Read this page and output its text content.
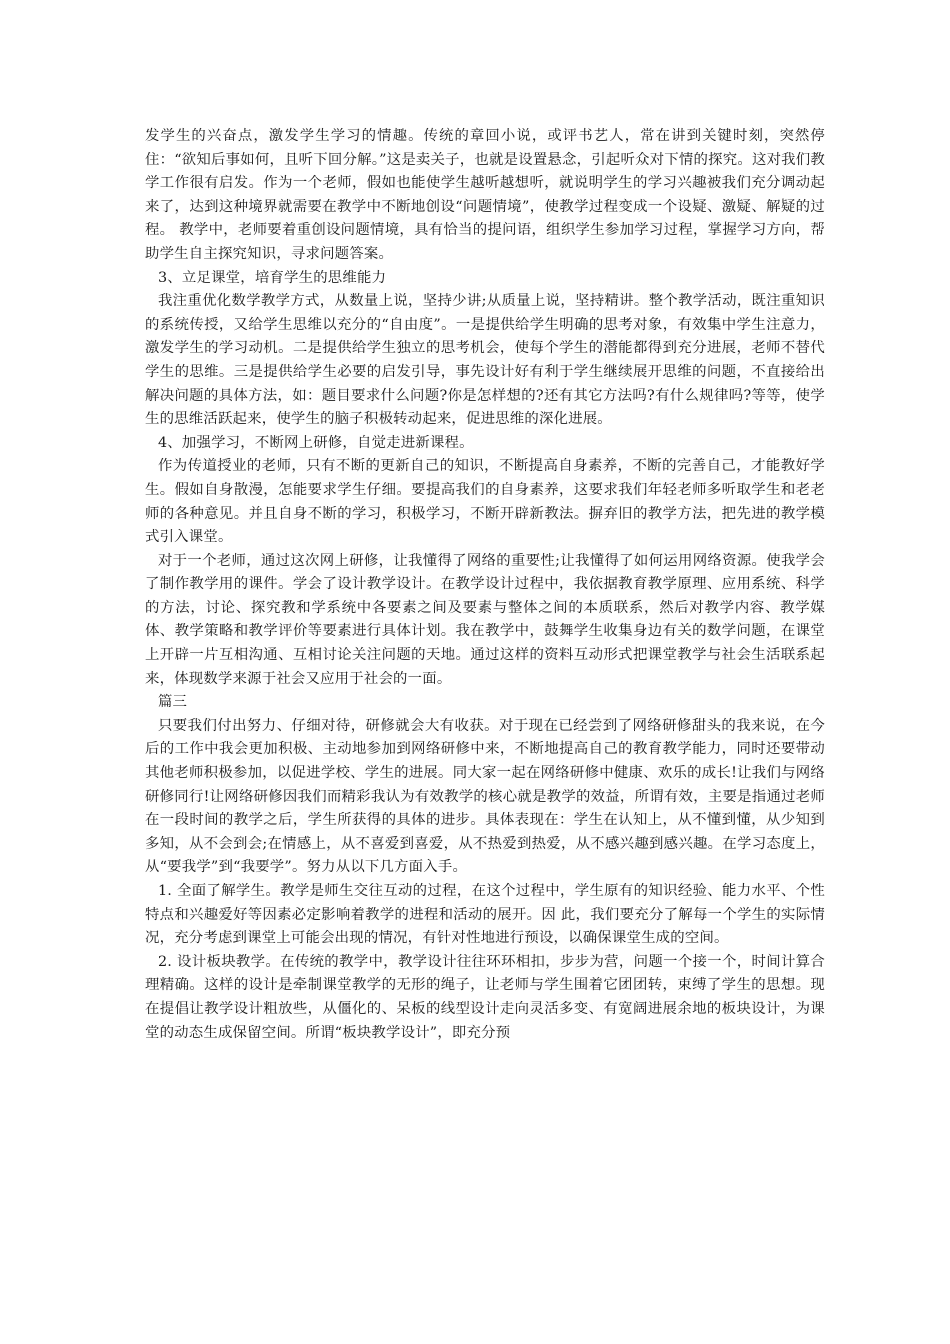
发学生的兴奋点，激发学生学习的情趣。传统的章回小说，或评书艺人，常在讲到关键时刻，突然停住：“欲知后事如何，且听下回分解。”这是卖关子，也就是设置悬念，引起听众对下情的探究。这对我们教学工作很有启发。作为一个老师，假如也能使学生越听越想听，就说明学生的学习兴趣被我们充分调动起来了，达到这种境界就需要在教学中不断地创设“问题情境”，使教学过程变成一个设疑、激疑、解疑的过程。 教学中，老师要着重创设问题情境，具有恰当的提问语，组织学生参加学习过程，掌握学习方向，帮助学生自主探究知识，寻求问题答案。

3、立足课堂，培育学生的思维能力

我注重优化数学教学方式，从数量上说，坚持少讲;从质量上说，坚持精讲。整个教学活动，既注重知识的系统传授，又给学生思维以充分的“自由度”。一是提供给学生明确的思考对象，有效集中学生注意力，激发学生的学习动机。二是提供给学生独立的思考机会，使每个学生的潜能都得到充分进展，老师不替代学生的思维。三是提供给学生必要的启发引导，事先设计好有利于学生继续展开思维的问题，不直接给出解决问题的具体方法，如：题目要求什么问题?你是怎样想的?还有其它方法吗?有什么规律吗?等等，使学生的思维活跃起来，使学生的脑子积极转动起来，促进思维的深化进展。

4、加强学习，不断网上研修，自觉走进新课程。

作为传道授业的老师，只有不断的更新自己的知识，不断提高自身素养，不断的完善自己，才能教好学生。假如自身散漫，怎能要求学生仔细。要提高我们的自身素养，这要求我们年轻老师多听取学生和老老师的各种意见。并且自身不断的学习，积极学习，不断开辟新教法。摒弃旧的教学方法，把先进的教学模式引入课堂。

对于一个老师，通过这次网上研修，让我懂得了网络的重要性;让我懂得了如何运用网络资源。使我学会了制作教学用的课件。学会了设计教学设计。在教学设计过程中，我依据教育教学原理、应用系统、科学的方法，讨论、探究教和学系统中各要素之间及要素与整体之间的本质联系，然后对教学内容、教学媒体、教学策略和教学评价等要素进行具体计划。我在教学中，鼓舞学生收集身边有关的数学问题，在课堂上开辟一片互相沟通、互相讨论关注问题的天地。通过这样的资料互动形式把课堂教学与社会生活联系起来，体现数学来源于社会又应用于社会的一面。

篇三

只要我们付出努力、仔细对待，研修就会大有收获。对于现在已经尝到了网络研修甜头的我来说，在今后的工作中我会更加积极、主动地参加到网络研修中来，不断地提高自己的教育教学能力，同时还要带动其他老师积极参加，以促进学校、学生的进展。同大家一起在网络研修中健康、欢乐的成长!让我们与网络研修同行!让网络研修因我们而精彩我认为有效教学的核心就是教学的效益，所谓有效，主要是指通过老师在一段时间的教学之后，学生所获得的具体的进步。具体表现在：学生在认知上，从不懂到懂，从少知到多知，从不会到会;在情感上，从不喜爱到喜爱，从不热爱到热爱，从不感兴趣到感兴趣。在学习态度上，从“要我学”到“我要学”。努力从以下几方面入手。

1. 全面了解学生。教学是师生交往互动的过程，在这个过程中，学生原有的知识经验、能力水平、个性特点和兴趣爱好等因素必定影响着教学的进程和活动的展开。因 此，我们要充分了解每一个学生的实际情况，充分考虑到课堂上可能会出现的情况，有针对性地进行预设，以确保课堂生成的空间。

2. 设计板块教学。在传统的教学中，教学设计往往环环相扣，步步为营，问题一个接一个，时间计算合理精确。这样的设计是牵制课堂教学的无形的绳子，让老师与学生围着它团团转，束缚了学生的思想。现在提倡让教学设计粗放些，从僵化的、呆板的线型设计走向灵活多变、有宽阔进展余地的板块设计，为课堂的动态生成保留空间。所谓“板块教学设计”，即充分预
